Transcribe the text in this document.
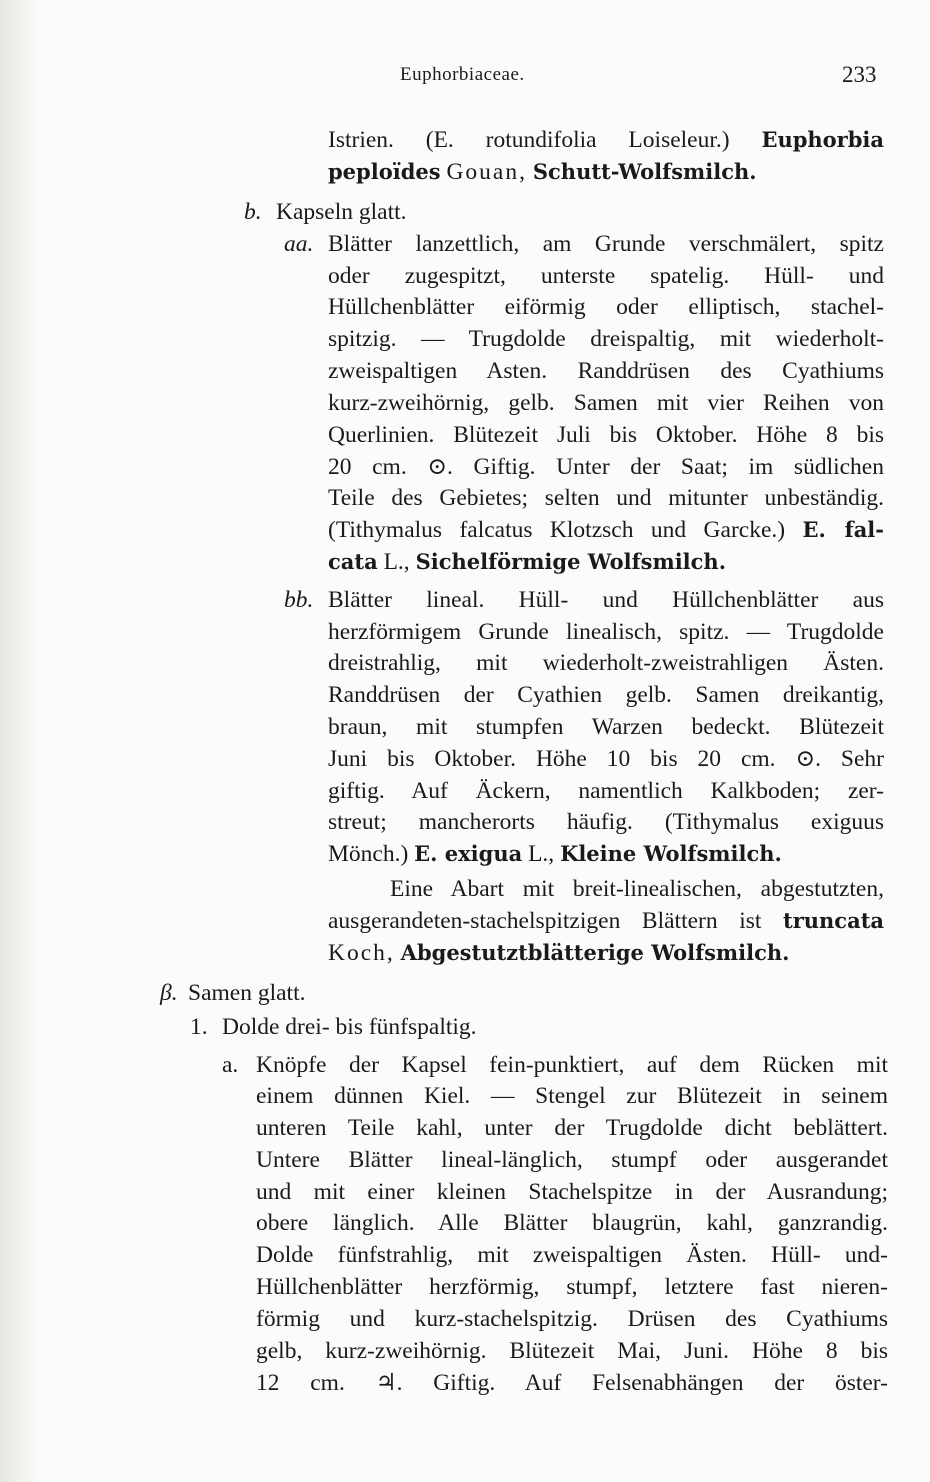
Euphorbiaceae.	233
Istrien. (E. rotundifolia Loiseleur.) Euphorbia
peploïdes Gouan, Schutt-Wolfsmilch.
b. Kapseln glatt.
aa. Blätter lanzettlich, am Grunde verschmälert, spitz
oder zugespitzt, unterste spatelig. Hüll- und
Hüllchenblätter eiförmig oder elliptisch, stachel-
spitzig. — Trugdolde dreispaltig, mit wiederholt-
zweispaltigen Asten. Randdrüsen des Cyathiums
kurz-zweihörnig, gelb. Samen mit vier Reihen von
Querlinien. Blütezeit Juli bis Oktober. Höhe 8 bis
20 cm. ⊙. Giftig. Unter der Saat; im südlichen
Teile des Gebietes; selten und mitunter unbeständig.
(Tithymalus falcatus Klotzsch und Garcke.) E. fal-
cata L., Sichelförmige Wolfsmilch.
bb. Blätter lineal. Hüll- und Hüllchenblätter aus
herzförmigem Grunde linealisch, spitz. — Trugdolde
dreistrahlig, mit wiederholt-zweistrahligen Ästen.
Randdrüsen der Cyathien gelb. Samen dreikantig,
braun, mit stumpfen Warzen bedeckt. Blütezeit
Juni bis Oktober. Höhe 10 bis 20 cm. ⊙. Sehr
giftig. Auf Äckern, namentlich Kalkboden; zer-
streut; mancherorts häufig. (Tithymalus exiguus
Mönch.) E. exigua L., Kleine Wolfsmilch.
Eine Abart mit breit-linealischen, abgestutzten,
ausgerandeten-stachelspitzigen Blättern ist truncata
Koch, Abgestutztblätterige Wolfsmilch.
β. Samen glatt.
1. Dolde drei- bis fünfspaltig.
a. Knöpfe der Kapsel fein-punktiert, auf dem Rücken mit
einem dünnen Kiel. — Stengel zur Blütezeit in seinem
unteren Teile kahl, unter der Trugdolde dicht beblättert.
Untere Blätter lineal-länglich, stumpf oder ausgerandet
und mit einer kleinen Stachelspitze in der Ausrandung;
obere länglich. Alle Blätter blaugrün, kahl, ganzrandig.
Dolde fünfstrahlig, mit zweispaltigen Ästen. Hüll- und-
Hüllchenblätter herzförmig, stumpf, letztere fast nieren-
förmig und kurz-stachelspitzig. Drüsen des Cyathiums
gelb, kurz-zweihörnig. Blütezeit Mai, Juni. Höhe 8 bis
12 cm. ♃. Giftig. Auf Felsenabhängen der öster-
